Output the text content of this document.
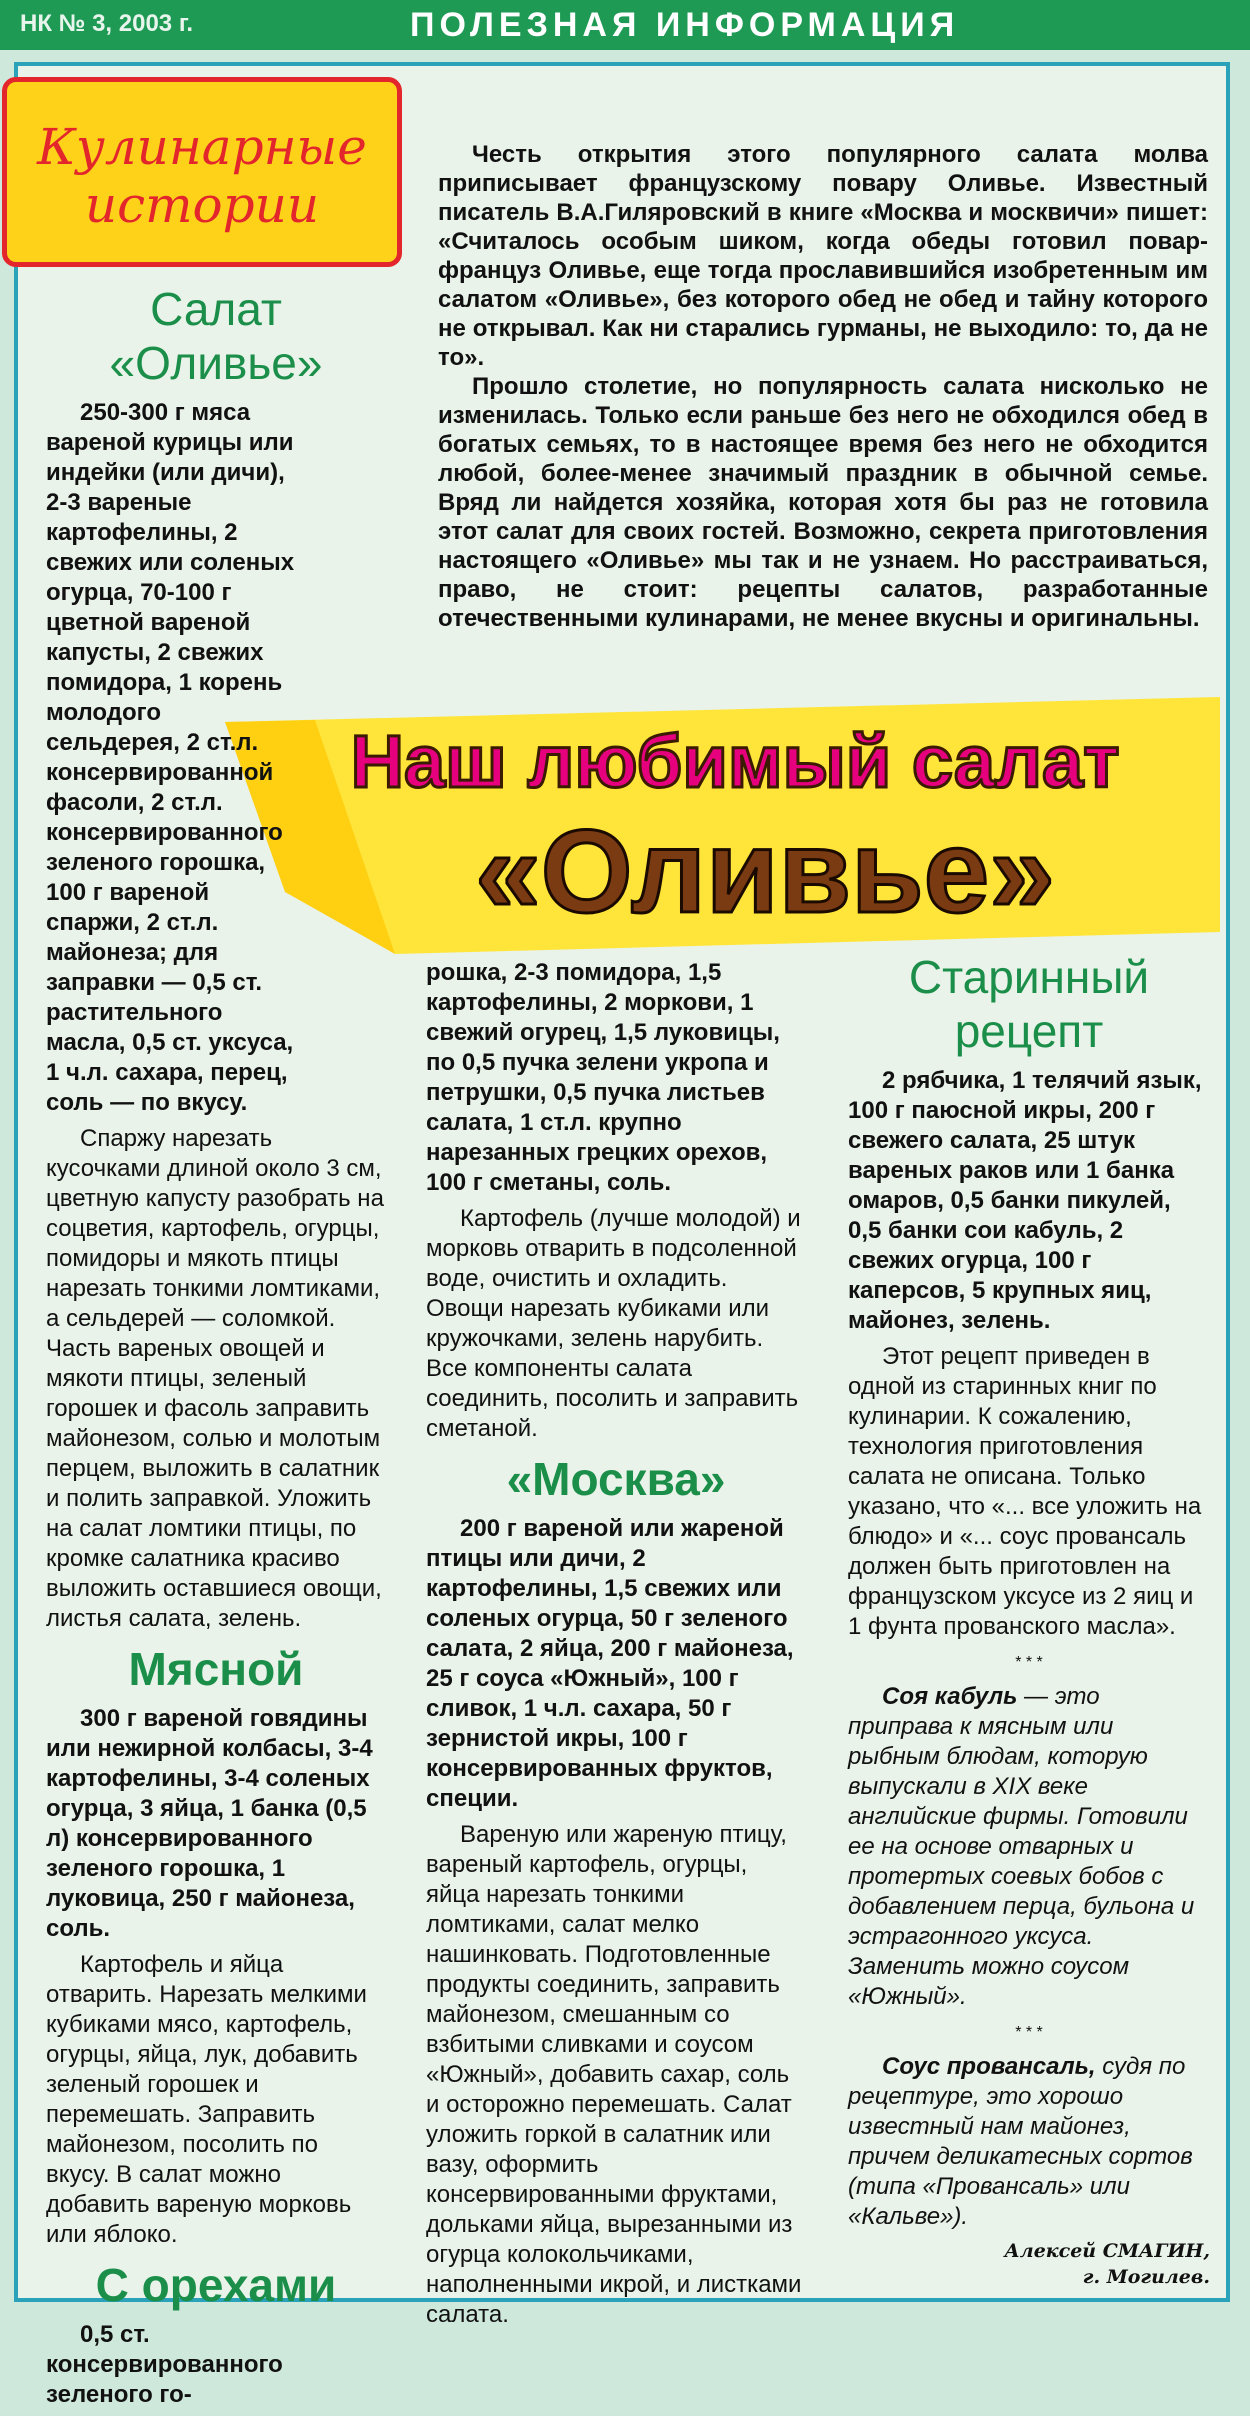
НК № 3, 2003 г.	ПОЛЕЗНАЯ ИНФОРМАЦИЯ
Кулинарные
истории

Честь открытия этого популярного салата молва приписывает французскому повару Оливье. Известный писатель В.А.Гиляровский в книге «Москва и москвичи» пишет: «Считалось особым шиком, когда обеды готовил повар-француз Оливье, еще тогда прославившийся изобретенным им салатом «Оливье», без которого обед не обед и тайну которого не открывал. Как ни старались гурманы, не выходило: то, да не то».

Прошло столетие, но популярность салата нисколько не изменилась. Только если раньше без него не обходился обед в богатых семьях, то в настоящее время без него не обходится любой, более-менее значимый праздник в обычной семье. Вряд ли найдется хозяйка, которая хотя бы раз не готовила этот салат для своих гостей. Возможно, секрета приготовления настоящего «Оливье» мы так и не узнаем. Но расстраиваться, право, не стоит: рецепты салатов, разработанные отечественными кулинарами, не менее вкусны и оригинальны.

Наш любимый салат
«Оливье»
Салат
«Оливье»

250-300 г мяса вареной курицы или индейки (или дичи), 2-3 вареные картофелины, 2 свежих или соленых огурца, 70-100 г цветной вареной капусты, 2 свежих помидора, 1 корень молодого сельдерея, 2 ст.л. консервированной фасоли, 2 ст.л. консервированного зеленого горошка, 100 г вареной спаржи, 2 ст.л. майонеза; для заправки — 0,5 ст. растительного масла, 0,5 ст. уксуса, 1 ч.л. сахара, перец, соль — по вкусу.

Спаржу нарезать кусочками длиной около 3 см, цветную капусту разобрать на соцветия, картофель, огурцы, помидоры и мякоть птицы нарезать тонкими ломтиками, а сельдерей — соломкой. Часть вареных овощей и мякоти птицы, зеленый горошек и фасоль заправить майонезом, солью и молотым перцем, выложить в салатник и полить заправкой. Уложить на салат ломтики птицы, по кромке салатника красиво выложить оставшиеся овощи, листья салата, зелень.

Мясной

300 г вареной говядины или нежирной колбасы, 3-4 картофелины, 3-4 соленых огурца, 3 яйца, 1 банка (0,5 л) консервированного зеленого горошка, 1 луковица, 250 г майонеза, соль.

Картофель и яйца отварить. Нарезать мелкими кубиками мясо, картофель, огурцы, яйца, лук, добавить зеленый горошек и перемешать. Заправить майонезом, посолить по вкусу. В салат можно добавить вареную морковь или яблоко.

С орехами

0,5 ст. консервированного зеленого го-

рошка, 2-3 помидора, 1,5 картофелины, 2 моркови, 1 свежий огурец, 1,5 луковицы, по 0,5 пучка зелени укропа и петрушки, 0,5 пучка листьев салата, 1 ст.л. крупно нарезанных грецких орехов, 100 г сметаны, соль.

Картофель (лучше молодой) и морковь отварить в подсоленной воде, очистить и охладить. Овощи нарезать кубиками или кружочками, зелень нарубить. Все компоненты салата соединить, посолить и заправить сметаной.

«Москва»

200 г вареной или жареной птицы или дичи, 2 картофелины, 1,5 свежих или соленых огурца, 50 г зеленого салата, 2 яйца, 200 г майонеза, 25 г соуса «Южный», 100 г сливок, 1 ч.л. сахара, 50 г зернистой икры, 100 г консервированных фруктов, специи.

Вареную или жареную птицу, вареный картофель, огурцы, яйца нарезать тонкими ломтиками, салат мелко нашинковать. Подготовленные продукты соединить, заправить майонезом, смешанным со взбитыми сливками и соусом «Южный», добавить сахар, соль и осторожно перемешать. Салат уложить горкой в салатник или вазу, оформить консервированными фруктами, дольками яйца, вырезанными из огурца колокольчиками, наполненными икрой, и листками салата.

Старинный
рецепт

2 рябчика, 1 телячий язык, 100 г паюсной икры, 200 г свежего салата, 25 штук вареных раков или 1 банка омаров, 0,5 банки пикулей, 0,5 банки сои кабуль, 2 свежих огурца, 100 г каперсов, 5 крупных яиц, майонез, зелень.

Этот рецепт приведен в одной из старинных книг по кулинарии. К сожалению, технология приготовления салата не описана. Только указано, что «... все уложить на блюдо» и «... соус провансаль должен быть приготовлен на французском уксусе из 2 яиц и 1 фунта прованского масла».

* * *

Соя кабуль — это приправа к мясным или рыбным блюдам, которую выпускали в XIX веке английские фирмы. Готовили ее на основе отварных и протертых соевых бобов с добавлением перца, бульона и эстрагонного уксуса. Заменить можно соусом «Южный».

* * *

Соус провансаль, судя по рецептуре, это хорошо известный нам майонез, причем деликатесных сортов (типа «Провансаль» или «Кальве»).

Алексей СМАГИН,
г. Могилев.
